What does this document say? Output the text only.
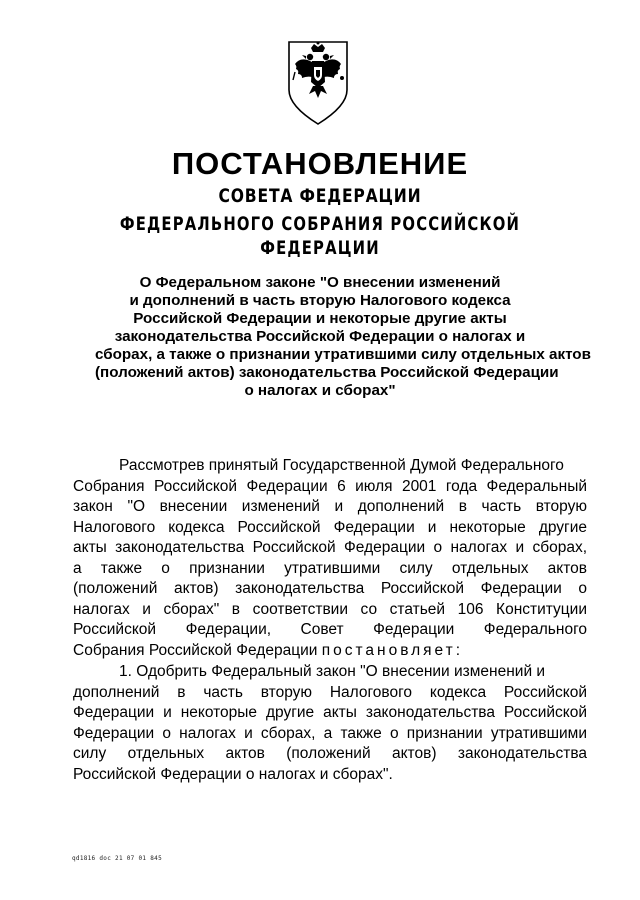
ПОСТАНОВЛЕНИЕ
СОВЕТА ФЕДЕРАЦИИ
ФЕДЕРАЛЬНОГО СОБРАНИЯ РОССИЙСКОЙ ФЕДЕРАЦИИ
О Федеральном законе "О внесении изменений
и дополнений в часть вторую Налогового кодекса
Российской Федерации и некоторые другие акты
законодательства Российской Федерации о налогах и
сборах, а также о признании утратившими силу отдельных актов
(положений актов) законодательства Российской Федерации
о налогах и сборах"
Рассмотрев принятый Государственной Думой Федерального
Собрания Российской Федерации 6 июля 2001 года Федеральный
закон "О внесении изменений и дополнений в часть вторую
Налогового кодекса Российской Федерации и некоторые другие
акты законодательства Российской Федерации о налогах и сборах,
а также о признании утратившими силу отдельных актов
(положений актов) законодательства Российской Федерации о
налогах и сборах" в соответствии со статьей 106 Конституции
Российской Федерации, Совет Федерации Федерального
Собрания Российской Федерации постановляет:
1. Одобрить Федеральный закон "О внесении изменений и
дополнений в часть вторую Налогового кодекса Российской
Федерации и некоторые другие акты законодательства Российской
Федерации о налогах и сборах, а также о признании утратившими
силу отдельных актов (положений актов) законодательства
Российской Федерации о налогах и сборах".
qd1816 doc 21 07 01 845
